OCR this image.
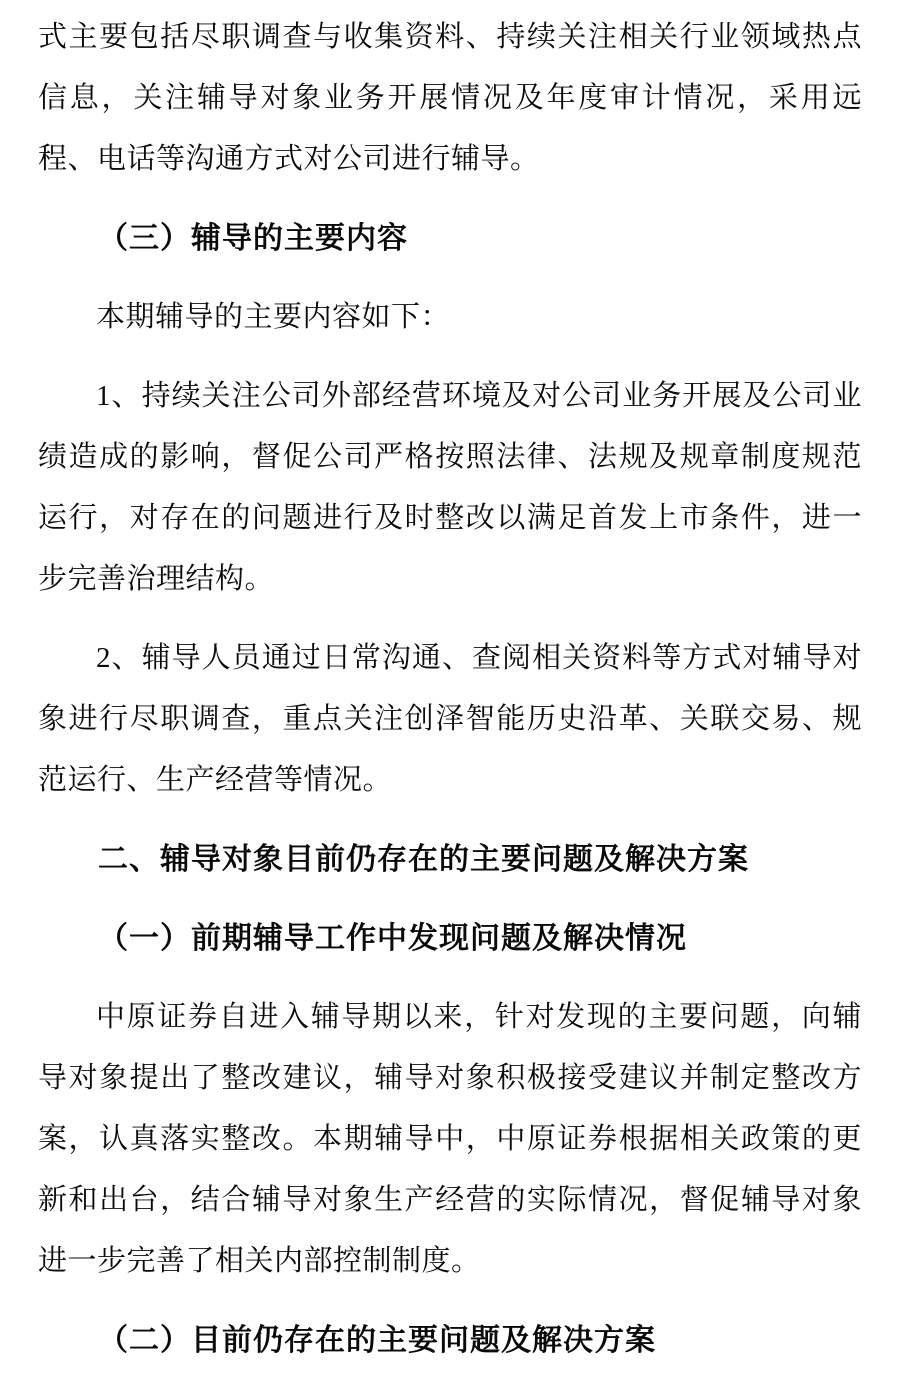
式主要包括尽职调查与收集资料、持续关注相关行业领域热点信息，关注辅导对象业务开展情况及年度审计情况，采用远程、电话等沟通方式对公司进行辅导。

（三）辅导的主要内容

本期辅导的主要内容如下：

1、持续关注公司外部经营环境及对公司业务开展及公司业绩造成的影响，督促公司严格按照法律、法规及规章制度规范运行，对存在的问题进行及时整改以满足首发上市条件，进一步完善治理结构。

2、辅导人员通过日常沟通、查阅相关资料等方式对辅导对象进行尽职调查，重点关注创泽智能历史沿革、关联交易、规范运行、生产经营等情况。

二、辅导对象目前仍存在的主要问题及解决方案
（一）前期辅导工作中发现问题及解决情况

中原证券自进入辅导期以来，针对发现的主要问题，向辅导对象提出了整改建议，辅导对象积极接受建议并制定整改方案，认真落实整改。本期辅导中，中原证券根据相关政策的更新和出台，结合辅导对象生产经营的实际情况，督促辅导对象进一步完善了相关内部控制制度。

（二）目前仍存在的主要问题及解决方案
